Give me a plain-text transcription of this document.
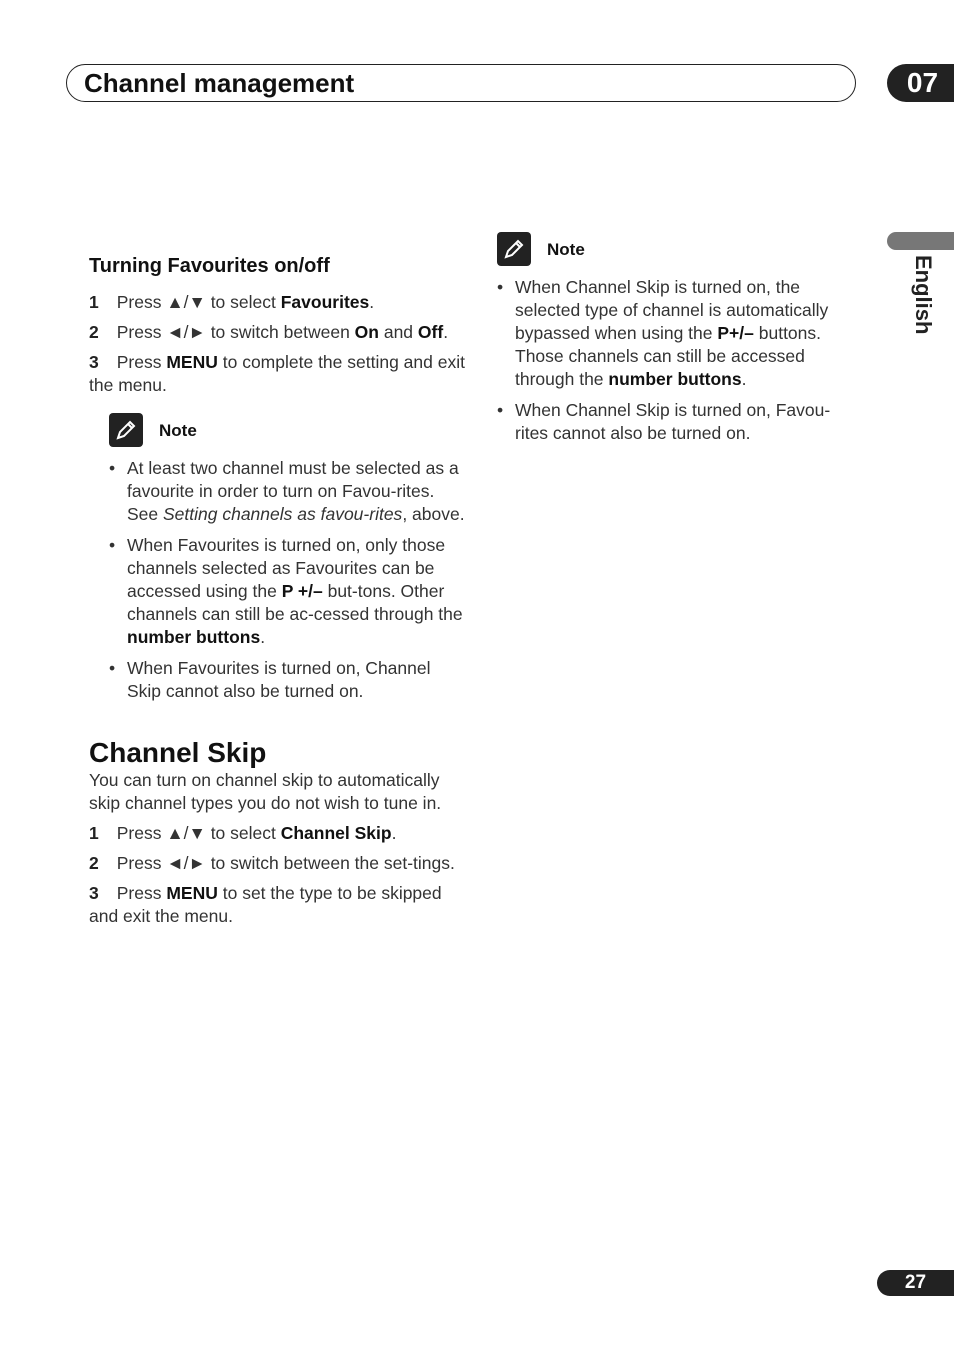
Channel management	07
English

Turning Favourites on/off

1 Press ▲/▼ to select Favourites.

2 Press ◄/► to switch between On and Off.

3 Press MENU to complete the setting and exit the menu.

Note
• At least two channel must be selected as a favourite in order to turn on Favou-rites. See Setting channels as favou-rites, above.
• When Favourites is turned on, only those channels selected as Favourites can be accessed using the P +/– but-tons. Other channels can still be ac-cessed through the number buttons.
• When Favourites is turned on, Channel Skip cannot also be turned on.

Channel Skip

You can turn on channel skip to automatically skip channel types you do not wish to tune in.

1 Press ▲/▼ to select Channel Skip.

2 Press ◄/► to switch between the set-tings.

3 Press MENU to set the type to be skipped and exit the menu.

Note
• When Channel Skip is turned on, the selected type of channel is automatically bypassed when using the P+/– buttons. Those channels can still be accessed through the number buttons.
• When Channel Skip is turned on, Favou-rites cannot also be turned on.
27
